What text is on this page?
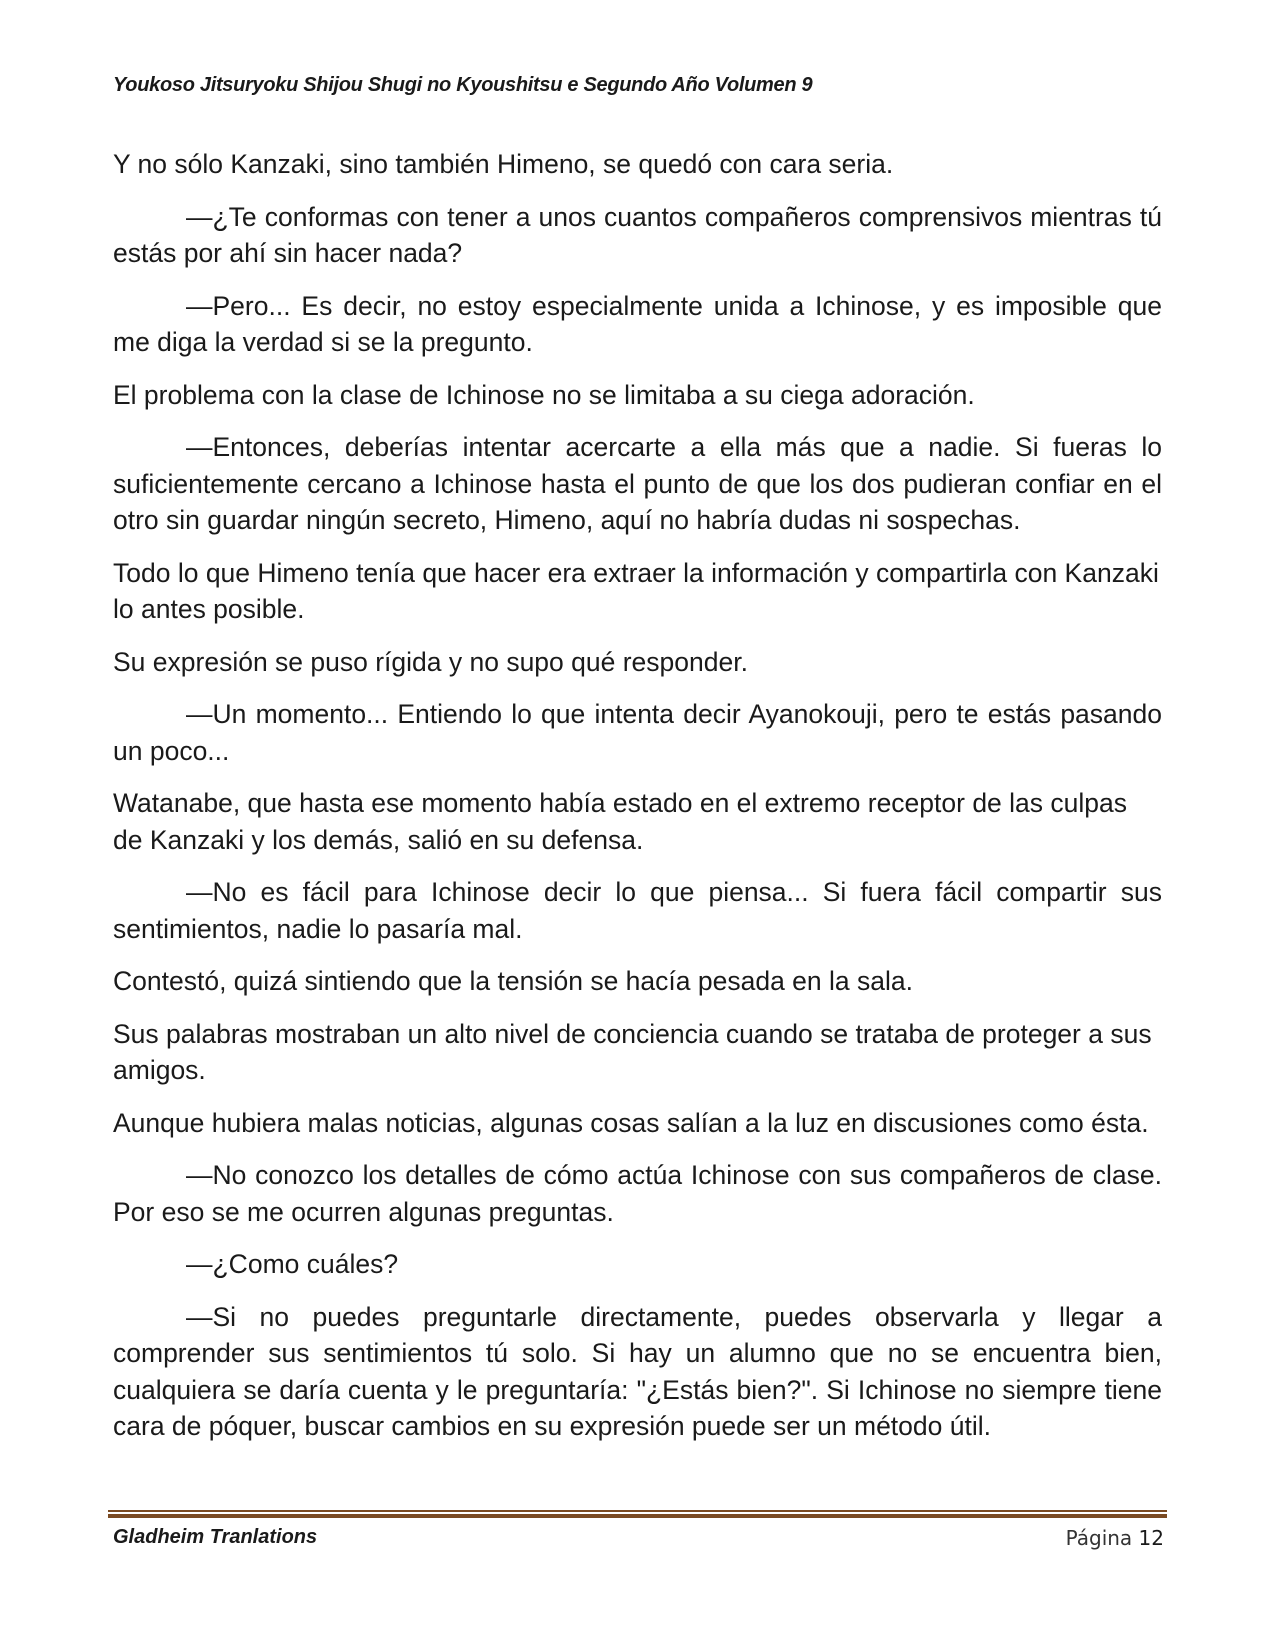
Youkoso Jitsuryoku Shijou Shugi no Kyoushitsu e Segundo Año Volumen 9

Y no sólo Kanzaki, sino también Himeno, se quedó con cara seria.

—¿Te conformas con tener a unos cuantos compañeros comprensivos mientras tú estás por ahí sin hacer nada?

—Pero... Es decir, no estoy especialmente unida a Ichinose, y es imposible que me diga la verdad si se la pregunto.

El problema con la clase de Ichinose no se limitaba a su ciega adoración.

—Entonces, deberías intentar acercarte a ella más que a nadie. Si fueras lo suficientemente cercano a Ichinose hasta el punto de que los dos pudieran confiar en el otro sin guardar ningún secreto, Himeno, aquí no habría dudas ni sospechas.

Todo lo que Himeno tenía que hacer era extraer la información y compartirla con Kanzaki lo antes posible.

Su expresión se puso rígida y no supo qué responder.

—Un momento... Entiendo lo que intenta decir Ayanokouji, pero te estás pasando un poco...

Watanabe, que hasta ese momento había estado en el extremo receptor de las culpas de Kanzaki y los demás, salió en su defensa.

—No es fácil para Ichinose decir lo que piensa... Si fuera fácil compartir sus sentimientos, nadie lo pasaría mal.

Contestó, quizá sintiendo que la tensión se hacía pesada en la sala.

Sus palabras mostraban un alto nivel de conciencia cuando se trataba de proteger a sus amigos.

Aunque hubiera malas noticias, algunas cosas salían a la luz en discusiones como ésta.

—No conozco los detalles de cómo actúa Ichinose con sus compañeros de clase. Por eso se me ocurren algunas preguntas.

—¿Como cuáles?

—Si no puedes preguntarle directamente, puedes observarla y llegar a comprender sus sentimientos tú solo. Si hay un alumno que no se encuentra bien, cualquiera se daría cuenta y le preguntaría: "¿Estás bien?". Si Ichinose no siempre tiene cara de póquer, buscar cambios en su expresión puede ser un método útil.

Gladheim Tranlations	Página 12
